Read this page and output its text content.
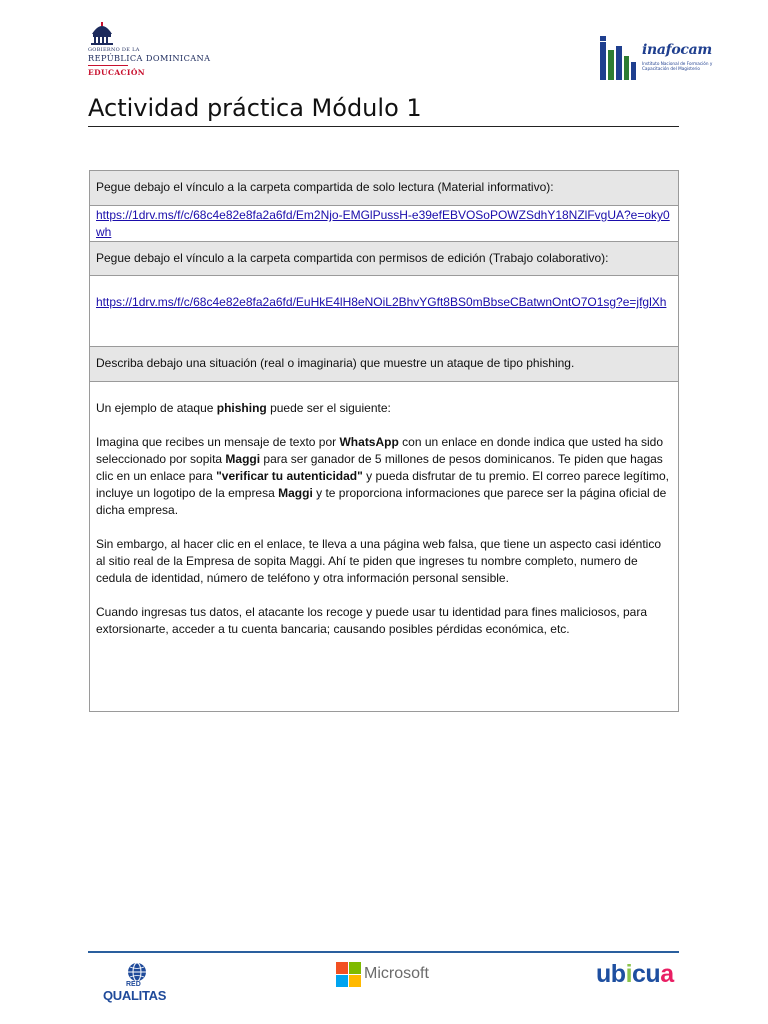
GOBIERNO DE LA
REPÚBLICA DOMINICANA
EDUCACIÓN
inafocam
Instituto Nacional de Formación y Capacitación del Magisterio
Actividad práctica Módulo 1
Pegue debajo el vínculo a la carpeta compartida de solo lectura (Material informativo):
https://1drv.ms/f/c/68c4e82e8fa2a6fd/Em2Njo-EMGlPussH-e39efEBVOSoPOWZSdhY18NZlFvgUA?e=oky0wh
Pegue debajo el vínculo a la carpeta compartida con permisos de edición (Trabajo colaborativo):
https://1drv.ms/f/c/68c4e82e8fa2a6fd/EuHkE4lH8eNOiL2BhvYGft8BS0mBbseCBatwnOntO7O1sg?e=jfglXh
Describa debajo una situación (real o imaginaria) que muestre un ataque de tipo phishing.

Un ejemplo de ataque phishing puede ser el siguiente:

Imagina que recibes un mensaje de texto por WhatsApp con un enlace en donde indica que usted ha sido seleccionado por sopita Maggi para ser ganador de 5 millones de pesos dominicanos. Te piden que hagas clic en un enlace para "verificar tu autenticidad" y pueda disfrutar de tu premio. El correo parece legítimo, incluye un logotipo de la empresa Maggi y te proporciona informaciones que parece ser la página oficial de dicha empresa.

Sin embargo, al hacer clic en el enlace, te lleva a una página web falsa, que tiene un aspecto casi idéntico al sitio real de la Empresa de sopita Maggi. Ahí te piden que ingreses tu nombre completo, numero de cedula de identidad, número de teléfono y otra información personal sensible.

Cuando ingresas tus datos, el atacante los recoge y puede usar tu identidad para fines maliciosos, para extorsionarte, acceder a tu cuenta bancaria; causando posibles pérdidas económica, etc.

RED
QUALITAS
Microsoft	ubicua
